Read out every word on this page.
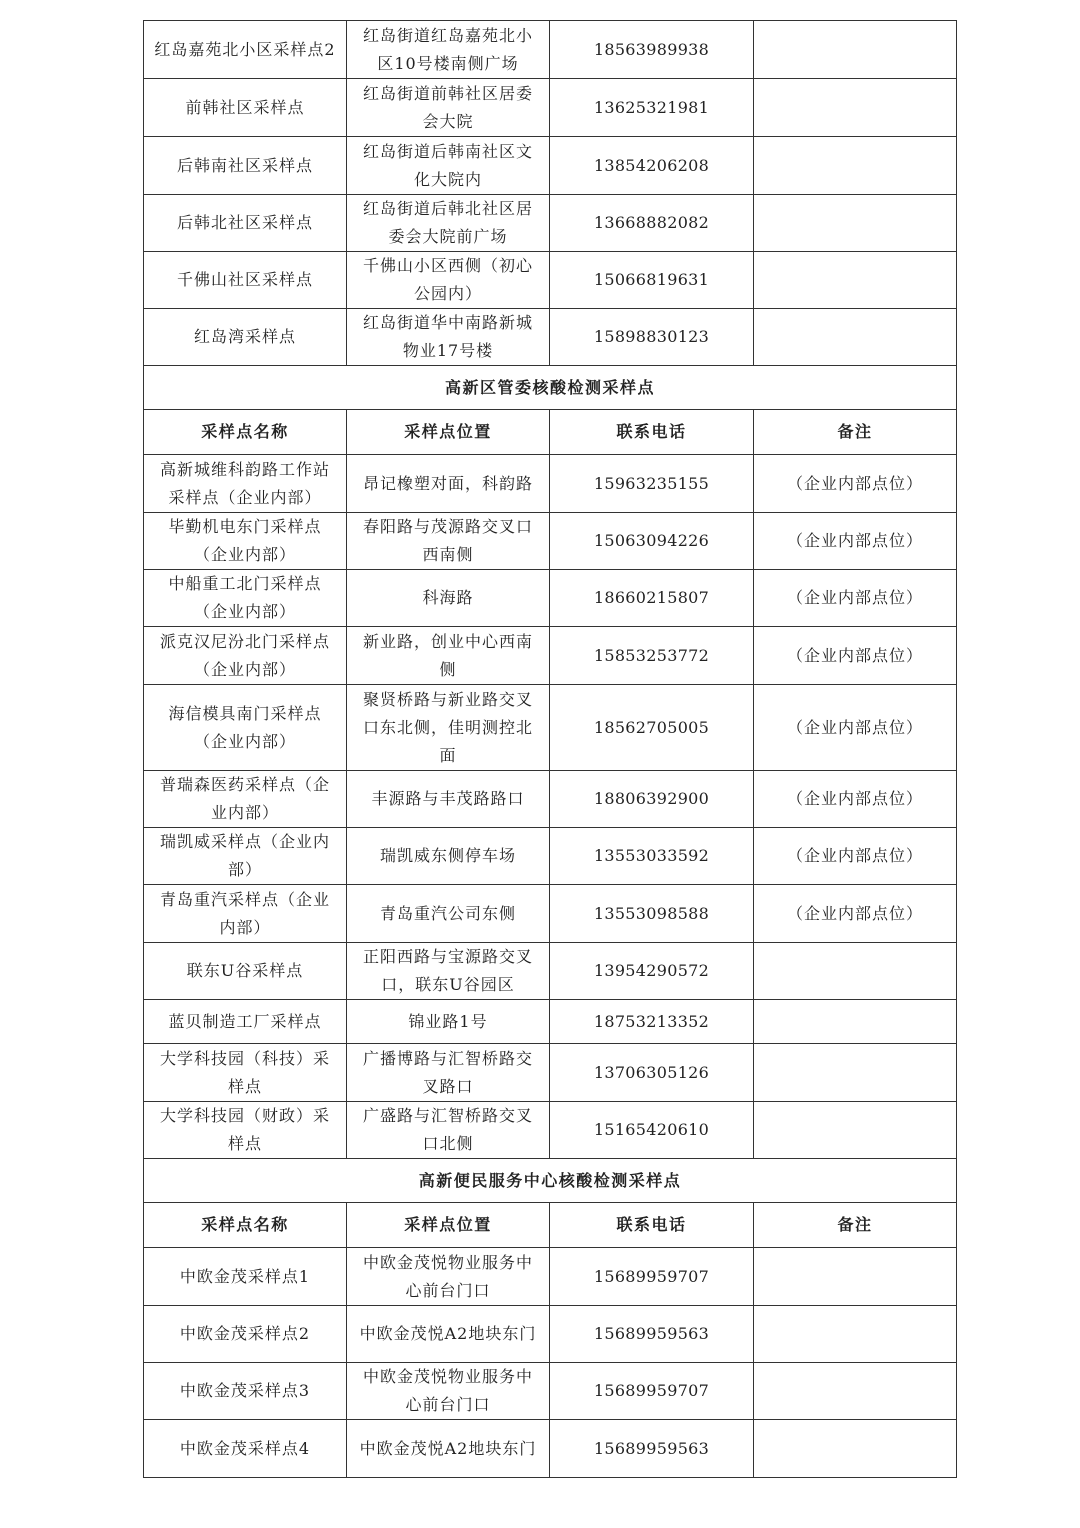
红岛嘉苑北小区采样点2	红岛街道红岛嘉苑北小区10号楼南侧广场	18563989938	
前韩社区采样点	红岛街道前韩社区居委会大院	13625321981	
后韩南社区采样点	红岛街道后韩南社区文化大院内	13854206208	
后韩北社区采样点	红岛街道后韩北社区居委会大院前广场	13668882082	
千佛山社区采样点	千佛山小区西侧（初心公园内）	15066819631	
红岛湾采样点	红岛街道华中南路新城物业17号楼	15898830123	
高新区管委核酸检测采样点			
采样点名称	采样点位置	联系电话	备注
高新城维科韵路工作站采样点（企业内部）	昂记橡塑对面，科韵路	15963235155	（企业内部点位）
毕勤机电东门采样点（企业内部）	春阳路与茂源路交叉口西南侧	15063094226	（企业内部点位）
中船重工北门采样点（企业内部）	科海路	18660215807	（企业内部点位）
派克汉尼汾北门采样点（企业内部）	新业路，创业中心西南侧	15853253772	（企业内部点位）
海信模具南门采样点（企业内部）	聚贤桥路与新业路交叉口东北侧，佳明测控北面	18562705005	（企业内部点位）
普瑞森医药采样点（企业内部）	丰源路与丰茂路路口	18806392900	（企业内部点位）
瑞凯威采样点（企业内部）	瑞凯威东侧停车场	13553033592	（企业内部点位）
青岛重汽采样点（企业内部）	青岛重汽公司东侧	13553098588	（企业内部点位）
联东U谷采样点	正阳西路与宝源路交叉口，联东U谷园区	13954290572	
蓝贝制造工厂采样点	锦业路1号	18753213352	
大学科技园（科技）采样点	广播博路与汇智桥路交叉路口	13706305126	
大学科技园（财政）采样点	广盛路与汇智桥路交叉口北侧	15165420610	
高新便民服务中心核酸检测采样点			
采样点名称	采样点位置	联系电话	备注
中欧金茂采样点1	中欧金茂悦物业服务中心前台门口	15689959707	
中欧金茂采样点2	中欧金茂悦A2地块东门	15689959563	
中欧金茂采样点3	中欧金茂悦物业服务中心前台门口	15689959707	
中欧金茂采样点4	中欧金茂悦A2地块东门	15689959563	
